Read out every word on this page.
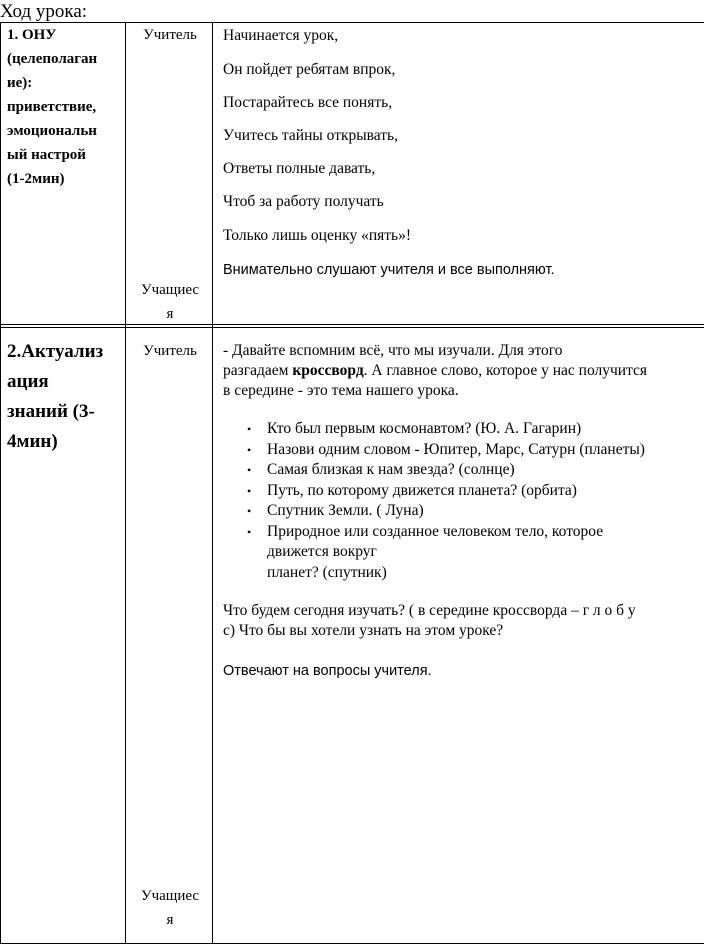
Ход урока:
1. ОНУ
(целеполаган
ие):
приветствие,
эмоциональн
ый настрой
(1-2мин)
Учитель
Учащиес
я
Начинается урок,
Он пойдет ребятам впрок,
Постарайтесь все понять,
Учитесь тайны открывать,
Ответы полные давать,
Чтоб за работу получать
Только лишь оценку «пять»!
Внимательно слушают учителя и все выполняют.
2.Актуализ
ация
знаний (3-
4мин)
Учитель
Учащиес
я
- Давайте вспомним всё, что мы изучали. Для этого
разгадаем кроссворд. А главное слово, которое у нас получится
в середине - это тема нашего урока.
• Кто был первым космонавтом? (Ю. А. Гагарин)
• Назови одним словом - Юпитер, Марс, Сатурн (планеты)
• Самая близкая к нам звезда? (солнце)
• Путь, по которому движется планета? (орбита)
• Спутник Земли. ( Луна)
• Природное или созданное человеком тело, которое
движется вокруг
планет? (спутник)
Что будем сегодня изучать? ( в середине кроссворда – г л о б у
с) Что бы вы хотели узнать на этом уроке?
Отвечают на вопросы учителя.
